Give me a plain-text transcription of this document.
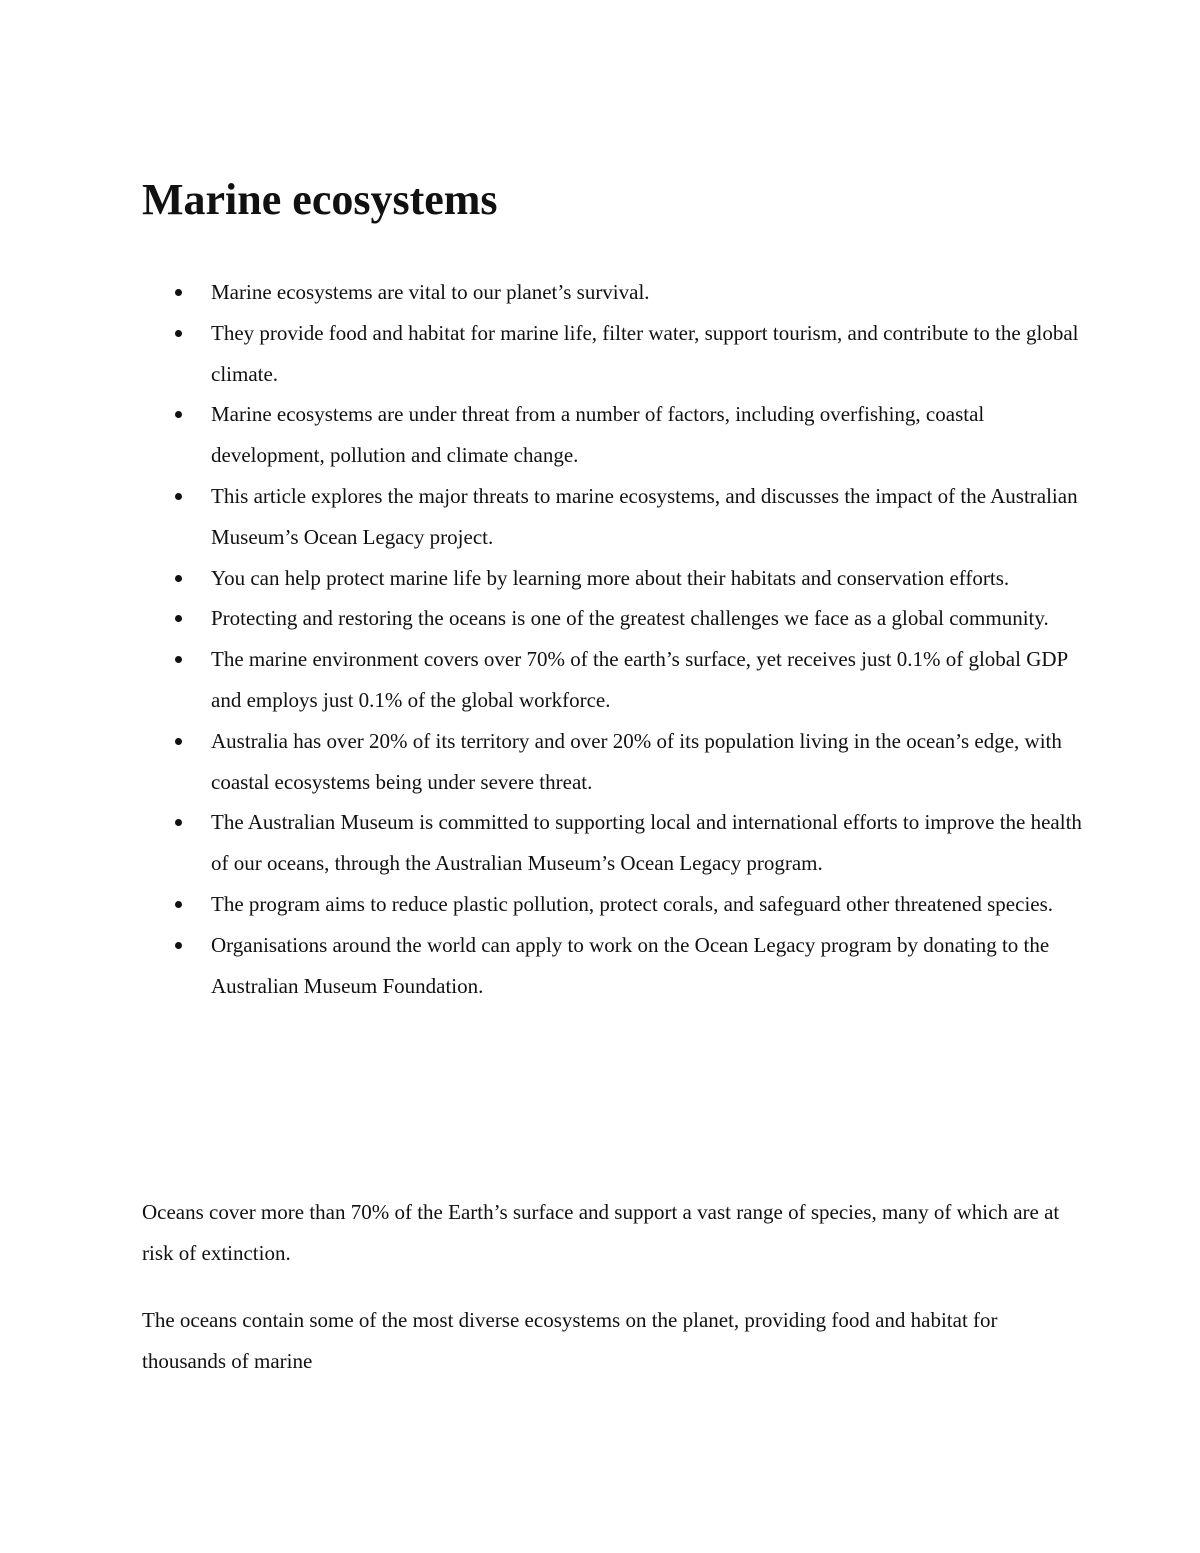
Marine ecosystems
Marine ecosystems are vital to our planet’s survival.
They provide food and habitat for marine life, filter water, support tourism, and contribute to the global climate.
Marine ecosystems are under threat from a number of factors, including overfishing, coastal development, pollution and climate change.
This article explores the major threats to marine ecosystems, and discusses the impact of the Australian Museum’s Ocean Legacy project.
You can help protect marine life by learning more about their habitats and conservation efforts.
Protecting and restoring the oceans is one of the greatest challenges we face as a global community.
The marine environment covers over 70% of the earth’s surface, yet receives just 0.1% of global GDP and employs just 0.1% of the global workforce.
Australia has over 20% of its territory and over 20% of its population living in the ocean’s edge, with coastal ecosystems being under severe threat.
The Australian Museum is committed to supporting local and international efforts to improve the health of our oceans, through the Australian Museum’s Ocean Legacy program.
The program aims to reduce plastic pollution, protect corals, and safeguard other threatened species.
Organisations around the world can apply to work on the Ocean Legacy program by donating to the Australian Museum Foundation.

Oceans cover more than 70% of the Earth’s surface and support a vast range of species, many of which are at risk of extinction.

The oceans contain some of the most diverse ecosystems on the planet, providing food and habitat for thousands of marine
